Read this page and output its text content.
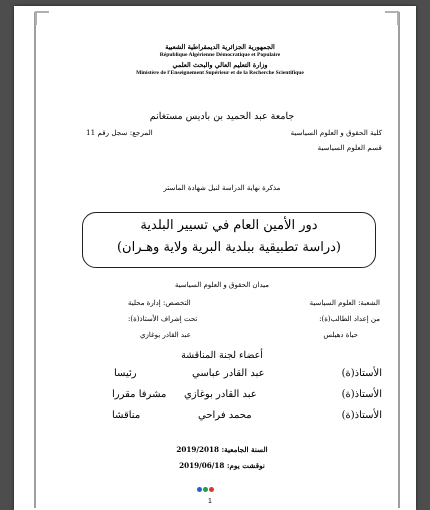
الجمهورية الجزائرية الديمقراطية الشعبية
République Algérienne Démocratique et Populaire
وزارة التعليم العالي والبحث العلمي
Ministère de l'Enseignement Supérieur et de la Recherche Scientifique
جامعة عبد الحميد بن باديس مستغانم
كلية الحقوق و العلوم السياسية
المرجع: سجل رقم 11
قسم العلوم السياسية
مذكرة نهاية الدراسة لنيل شهادة الماستر
دور الأمين العام في تسيير البلدية
(دراسة تطبيقية ببلدية البرية ولاية وهـران)
ميدان الحقوق و العلوم السياسية
الشعبة: العلوم السياسية
التخصص: إدارة محلية
من إعداد الطالب(ة):
تحت إشراف الأستاذ(ة):
حياة دهيلس
عبد القادر بوغازي
أعضاء لجنة المناقشة
الأستاذ(ة)
عبد القادر عباسي
رئيسا
الأستاذ(ة)
عبد القادر بوغازي
مشرفا مقررا
الأستاذ(ة)
محمد فراحي
مناقشا
السنة الجامعية: 2019/2018
نوقشت يوم: 2019/06/18
1
